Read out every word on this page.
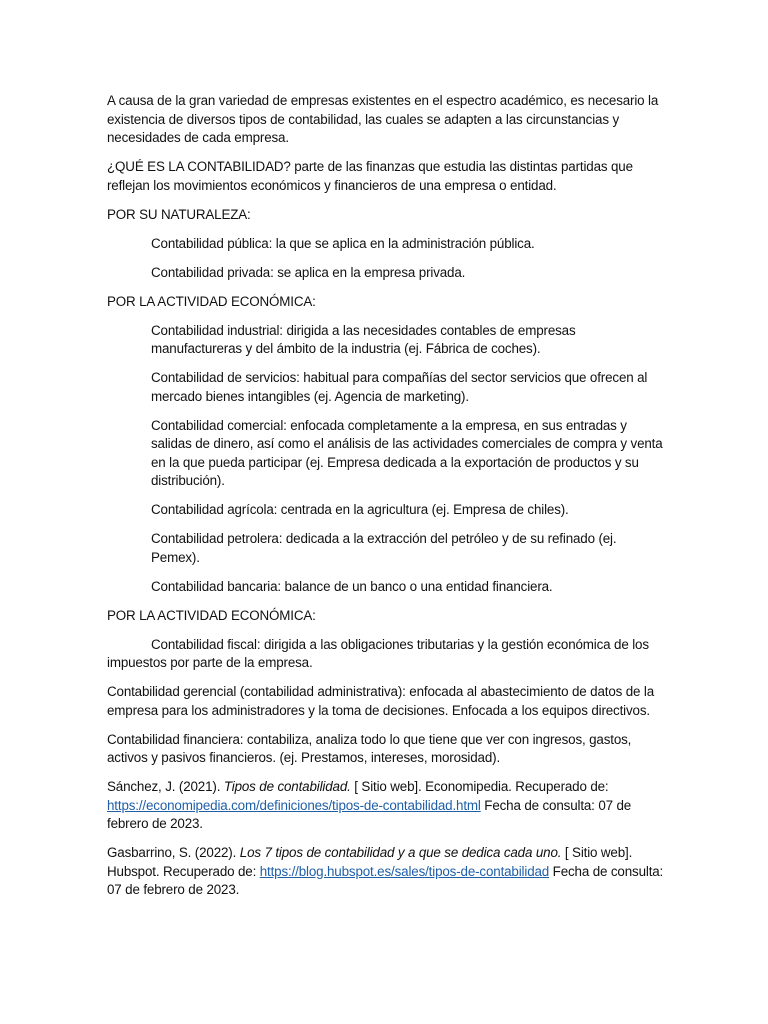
A causa de la gran variedad de empresas existentes en el espectro académico, es necesario la existencia de diversos tipos de contabilidad, las cuales se adapten a las circunstancias y necesidades de cada empresa.

¿QUÉ ES LA CONTABILIDAD? parte de las finanzas que estudia las distintas partidas que reflejan los movimientos económicos y financieros de una empresa o entidad.

POR SU NATURALEZA:

Contabilidad pública: la que se aplica en la administración pública.

Contabilidad privada: se aplica en la empresa privada.

POR LA ACTIVIDAD ECONÓMICA:

Contabilidad industrial: dirigida a las necesidades contables de empresas manufactureras y del ámbito de la industria (ej. Fábrica de coches).

Contabilidad de servicios: habitual para compañías del sector servicios que ofrecen al mercado bienes intangibles (ej. Agencia de marketing).

Contabilidad comercial: enfocada completamente a la empresa, en sus entradas y salidas de dinero, así como el análisis de las actividades comerciales de compra y venta en la que pueda participar (ej. Empresa dedicada a la exportación de productos y su distribución).

Contabilidad agrícola: centrada en la agricultura (ej. Empresa de chiles).

Contabilidad petrolera: dedicada a la extracción del petróleo y de su refinado (ej. Pemex).

Contabilidad bancaria: balance de un banco o una entidad financiera.

POR LA ACTIVIDAD ECONÓMICA:

Contabilidad fiscal: dirigida a las obligaciones tributarias y la gestión económica de los impuestos por parte de la empresa.

Contabilidad gerencial (contabilidad administrativa): enfocada al abastecimiento de datos de la empresa para los administradores y la toma de decisiones. Enfocada a los equipos directivos.

Contabilidad financiera: contabiliza, analiza todo lo que tiene que ver con ingresos, gastos, activos y pasivos financieros. (ej. Prestamos, intereses, morosidad).

Sánchez, J. (2021). Tipos de contabilidad. [ Sitio web]. Economipedia. Recuperado de: https://economipedia.com/definiciones/tipos-de-contabilidad.html Fecha de consulta: 07 de febrero de 2023.

Gasbarrino, S. (2022). Los 7 tipos de contabilidad y a que se dedica cada uno. [ Sitio web]. Hubspot. Recuperado de: https://blog.hubspot.es/sales/tipos-de-contabilidad Fecha de consulta: 07 de febrero de 2023.
